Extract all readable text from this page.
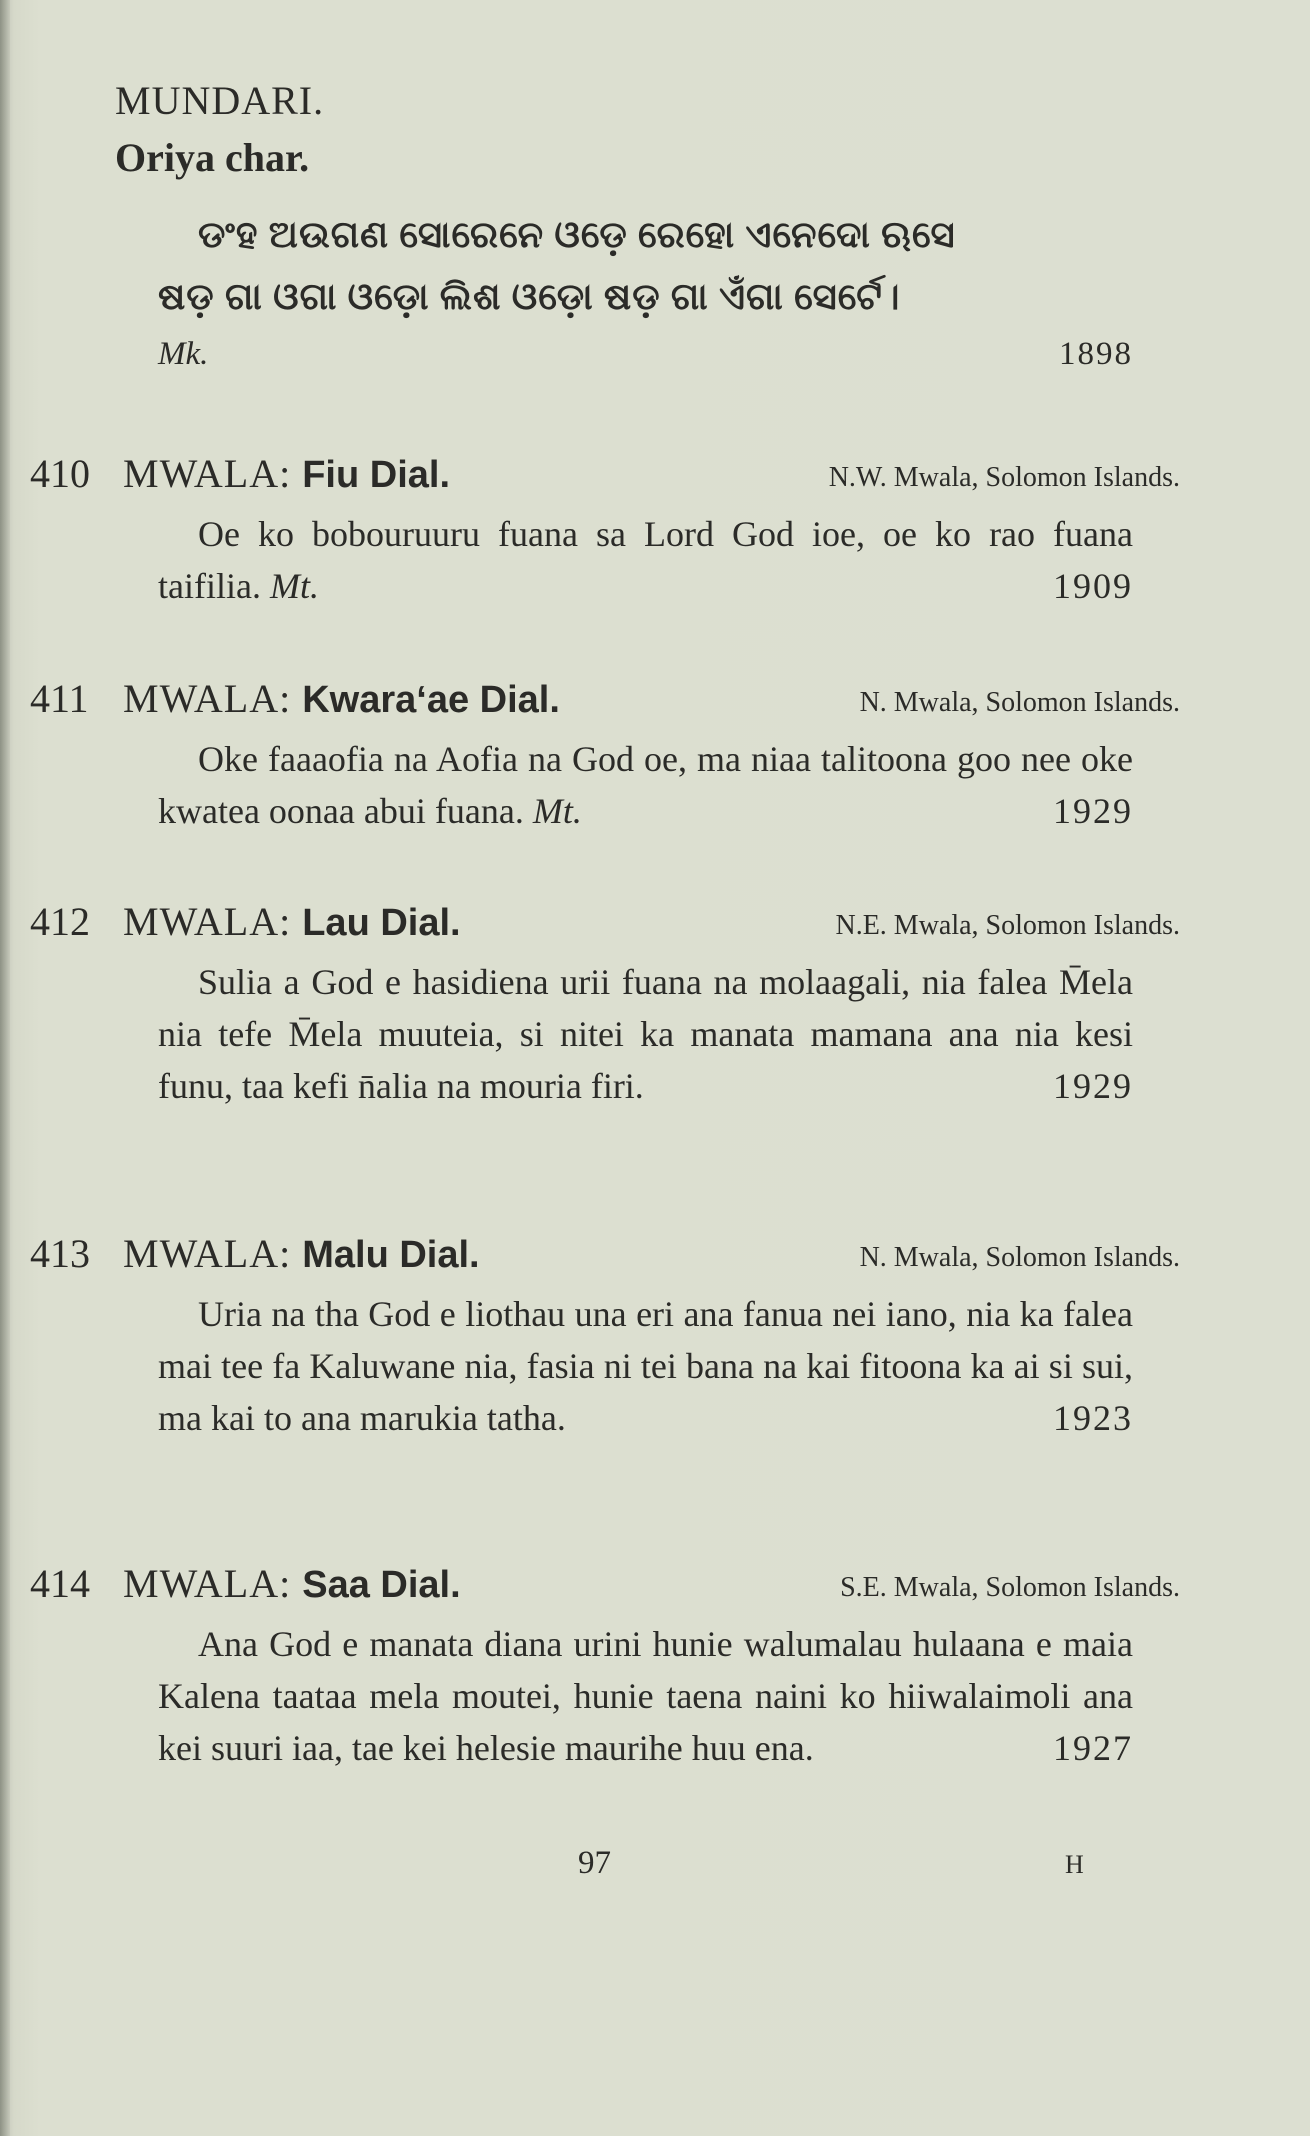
MUNDARI.
Oriya char.
ଡଂହ ଅଉଗଣ ସୋରେନେ ଓଡ଼େ ରେହୋ ଏନେଦୋ ଋସେ
ଷଡ଼ ଗା ଓଗା ଓଡ଼ୋ ଲିଶ ଓଡ଼ୋ ଷଡ଼ ଗା ଏଁଗା ସେର୍ଟେ।
Mk.	1898
410 MWALA: Fiu Dial.	N.W. Mwala, Solomon Islands.
Oe ko bobouruuru fuana sa Lord God ioe, oe ko rao fuana taifilia. Mt.	1909
411 MWALA: Kwara‘ae Dial.	N. Mwala, Solomon Islands.
Oke faaaofia na Aofia na God oe, ma niaa talitoona goo nee oke kwatea oonaa abui fuana. Mt.	1929
412 MWALA: Lau Dial.	N.E. Mwala, Solomon Islands.
Sulia a God e hasidiena urii fuana na molaagali, nia falea M̄ela nia tefe M̄ela muuteia, si nitei ka manata mamana ana nia kesi funu, taa kefi n̄alia na mouria firi.	1929
413 MWALA: Malu Dial.	N. Mwala, Solomon Islands.
Uria na tha God e liothau una eri ana fanua nei iano, nia ka falea mai tee fa Kaluwane nia, fasia ni tei bana na kai fitoona ka ai si sui, ma kai to ana marukia tatha.	1923
414 MWALA: Saa Dial.	S.E. Mwala, Solomon Islands.
Ana God e manata diana urini hunie walumalau hulaana e maia Kalena taataa mela moutei, hunie taena naini ko hiiwalaimoli ana kei suuri iaa, tae kei helesie maurihe huu ena.	1927
97	H
